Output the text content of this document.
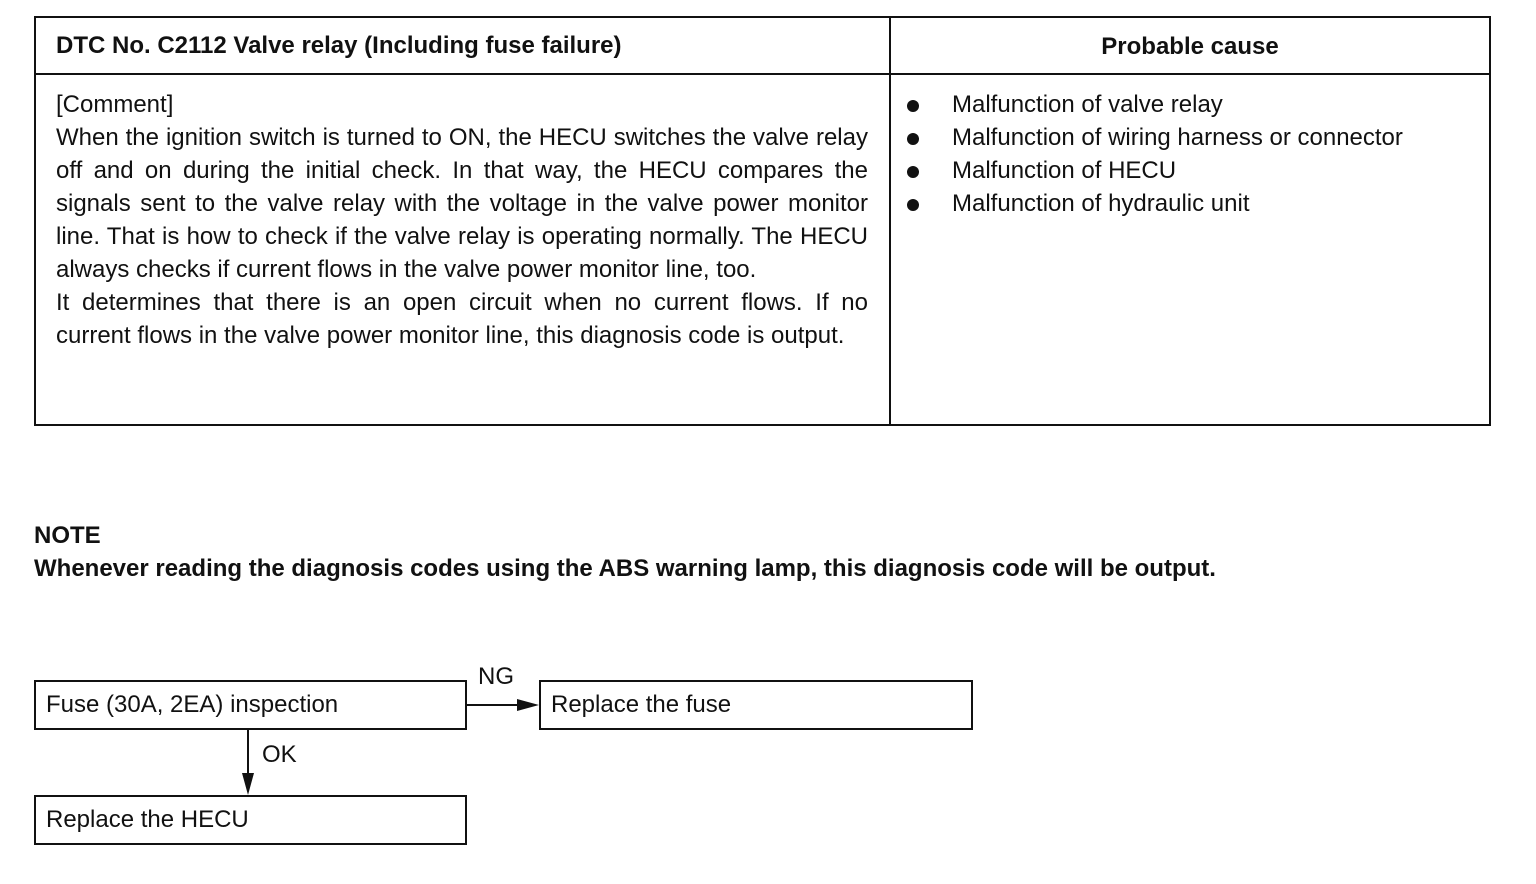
DTC No. C2112 Valve relay (Including fuse failure)	Probable cause

[Comment]

When the ignition switch is turned to ON, the HECU switches the valve relay off and on during the initial check. In that way, the HECU compares the signals sent to the valve relay with the voltage in the valve power monitor line. That is how to check if the valve relay is operating normally. The HECU always checks if current flows in the valve power monitor line, too.

It determines that there is an open circuit when no current flows. If no current flows in the valve power monitor line, this diagnosis code is output.

Malfunction of valve relay
Malfunction of wiring harness or connector
Malfunction of HECU
Malfunction of hydraulic unit
NOTE
Whenever reading the diagnosis codes using the ABS warning lamp, this diagnosis code will be output.
Fuse (30A, 2EA) inspection	Replace the fuse
Replace the HECU
NG
OK
